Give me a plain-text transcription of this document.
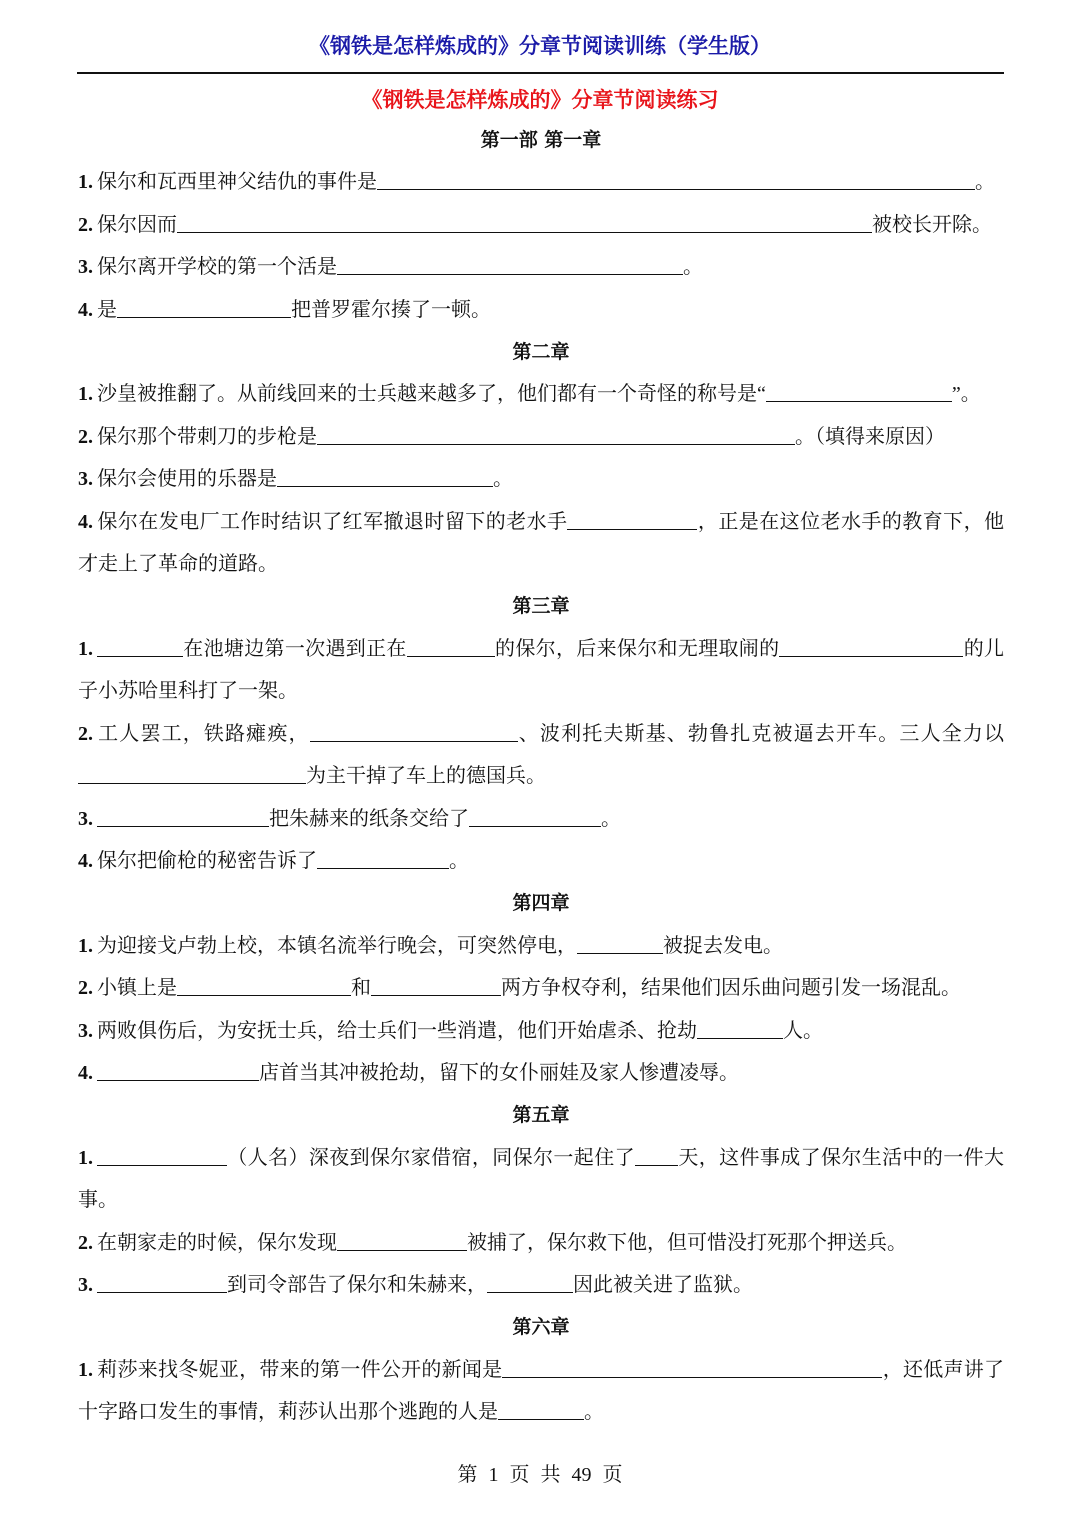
《钢铁是怎样炼成的》分章节阅读训练（学生版）
《钢铁是怎样炼成的》分章节阅读练习
第一部 第一章
1. 保尔和瓦西里神父结仇的事件是	。
2. 保尔因而	被校长开除。
3. 保尔离开学校的第一个活是	。
4. 是	把普罗霍尔揍了一顿。
第二章
1. 沙皇被推翻了。从前线回来的士兵越来越多了，他们都有一个奇怪的称号是“	”。
2. 保尔那个带刺刀的步枪是	。（填得来原因）
3. 保尔会使用的乐器是	。
4. 保尔在发电厂工作时结识了红军撤退时留下的老水手	，正是在这位老水手的教育下，他才走上了革命的道路。
第三章
1.	在池塘边第一次遇到正在	的保尔，后来保尔和无理取闹的	的儿子小苏哈里科打了一架。
2. 工人罢工，铁路瘫痪，	、波利托夫斯基、勃鲁扎克被逼去开车。三人全力以为主干掉了车上的德国兵。
3.	把朱赫来的纸条交给了	。
4. 保尔把偷枪的秘密告诉了	。
第四章
1. 为迎接戈卢勃上校，本镇名流举行晚会，可突然停电，	被捉去发电。
2. 小镇上是	和	两方争权夺利，结果他们因乐曲问题引发一场混乱。
3. 两败俱伤后，为安抚士兵，给士兵们一些消遣，他们开始虐杀、抢劫	人。
4.	店首当其冲被抢劫，留下的女仆丽娃及家人惨遭凌辱。
第五章
1.	（人名）深夜到保尔家借宿，同保尔一起住了 天，这件事成了保尔生活中的一件大事。
2. 在朝家走的时候，保尔发现	被捕了，保尔救下他，但可惜没打死那个押送兵。
3.	到司令部告了保尔和朱赫来，	因此被关进了监狱。
第六章
1. 莉莎来找冬妮亚，带来的第一件公开的新闻是	，还低声讲了十字路口发生的事情，莉莎认出那个逃跑的人是	。
第 1 页 共 49 页
